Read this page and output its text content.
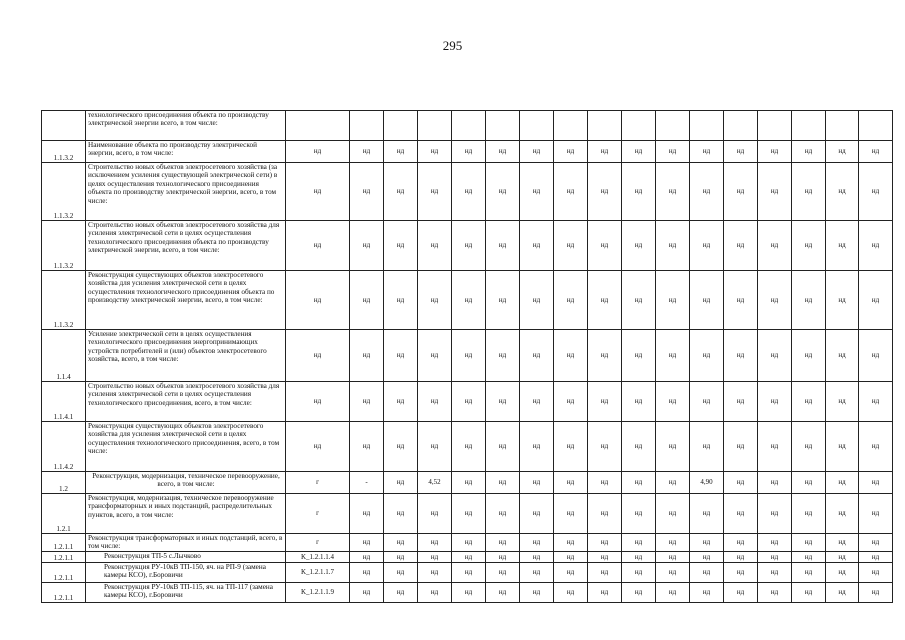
295
	технологического присоединения объекта по производству электрической энергии всего, в том числе:																	
1.1.3.2	Наименование объекта по производству электрической энергии, всего, в том числе:	нд	нд	нд	нд	нд	нд	нд	нд	нд	нд	нд	нд	нд	нд	нд	нд	нд
1.1.3.2	Строительство новых объектов электросетевого хозяйства (за исключением усиления существующей электрической сети) в целях осуществления технологического присоединения объекта по производству электрической энергии, всего, в том числе:	нд	нд	нд	нд	нд	нд	нд	нд	нд	нд	нд	нд	нд	нд	нд	нд	нд
1.1.3.2	Строительство новых объектов электросетевого хозяйства для усиления электрической сети в целях осуществления технологического присоединения объекта по производству электрической энергии, всего, в том числе:	нд	нд	нд	нд	нд	нд	нд	нд	нд	нд	нд	нд	нд	нд	нд	нд	нд
1.1.3.2	Реконструкция существующих объектов электросетевого хозяйства для усиления электрической сети в целях осуществления технологического присоединения объекта по производству электрической энергии, всего, в том числе:	нд	нд	нд	нд	нд	нд	нд	нд	нд	нд	нд	нд	нд	нд	нд	нд	нд
1.1.4	Усиление электрической сети в целях осуществления технологического присоединения энергопринимающих устройств потребителей и (или) объектов электросетевого хозяйства, всего, в том числе:	нд	нд	нд	нд	нд	нд	нд	нд	нд	нд	нд	нд	нд	нд	нд	нд	нд
1.1.4.1	Строительство новых объектов электросетевого хозяйства для усиления электрической сети в целях осуществления технологического присоединения, всего, в том числе:	нд	нд	нд	нд	нд	нд	нд	нд	нд	нд	нд	нд	нд	нд	нд	нд	нд
1.1.4.2	Реконструкция существующих объектов электросетевого хозяйства для усиления электрической сети в целях осуществления технологического присоединения, всего, в том числе:	нд	нд	нд	нд	нд	нд	нд	нд	нд	нд	нд	нд	нд	нд	нд	нд	нд
1.2	Реконструкция, модернизация, техническое перевооружение, всего, в том числе:	г	-	нд	4,52	нд	нд	нд	нд	нд	нд	нд	4,90	нд	нд	нд	нд	нд
1.2.1	Реконструкция, модернизация, техническое перевооружение трансформаторных и иных подстанций, распределительных пунктов, всего, в том числе:	г	нд	нд	нд	нд	нд	нд	нд	нд	нд	нд	нд	нд	нд	нд	нд	нд
1.2.1.1	Реконструкция трансформаторных и иных подстанций, всего, в том числе:	г	нд	нд	нд	нд	нд	нд	нд	нд	нд	нд	нд	нд	нд	нд	нд	нд
1.2.1.1	Реконструкция ТП-5 с.Лычково	K_1.2.1.1.4	нд	нд	нд	нд	нд	нд	нд	нд	нд	нд	нд	нд	нд	нд	нд	нд
1.2.1.1	Реконструкция РУ-10кВ ТП-150, яч. на РП-9 (замена камеры КСО), г.Боровичи	K_1.2.1.1.7	нд	нд	нд	нд	нд	нд	нд	нд	нд	нд	нд	нд	нд	нд	нд	нд
1.2.1.1	Реконструкция РУ-10кВ ТП-115, яч. на ТП-117 (замена камеры КСО), г.Боровичи	K_1.2.1.1.9	нд	нд	нд	нд	нд	нд	нд	нд	нд	нд	нд	нд	нд	нд	нд	нд
